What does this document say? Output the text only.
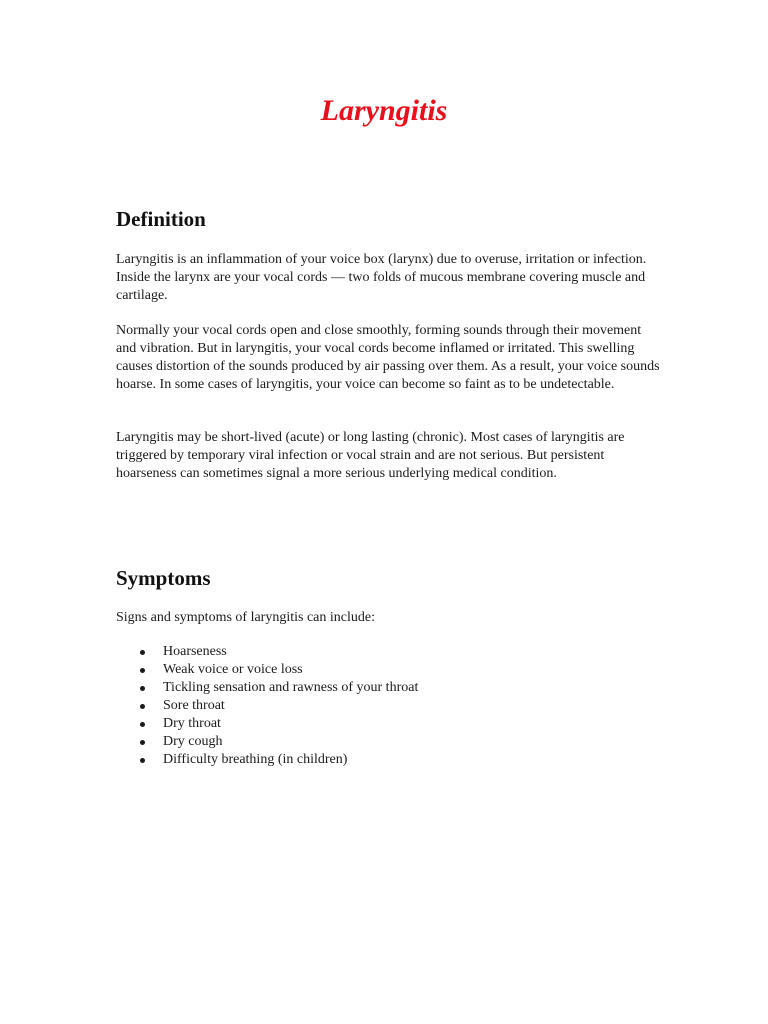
Laryngitis
Definition

Laryngitis is an inflammation of your voice box (larynx) due to overuse, irritation or infection. Inside the larynx are your vocal cords — two folds of mucous membrane covering muscle and cartilage.

Normally your vocal cords open and close smoothly, forming sounds through their movement and vibration. But in laryngitis, your vocal cords become inflamed or irritated. This swelling causes distortion of the sounds produced by air passing over them. As a result, your voice sounds hoarse. In some cases of laryngitis, your voice can become so faint as to be undetectable.

Laryngitis may be short-lived (acute) or long lasting (chronic). Most cases of laryngitis are triggered by temporary viral infection or vocal strain and are not serious. But persistent hoarseness can sometimes signal a more serious underlying medical condition.

Symptoms

Signs and symptoms of laryngitis can include:

Hoarseness
Weak voice or voice loss
Tickling sensation and rawness of your throat
Sore throat
Dry throat
Dry cough
Difficulty breathing (in children)
